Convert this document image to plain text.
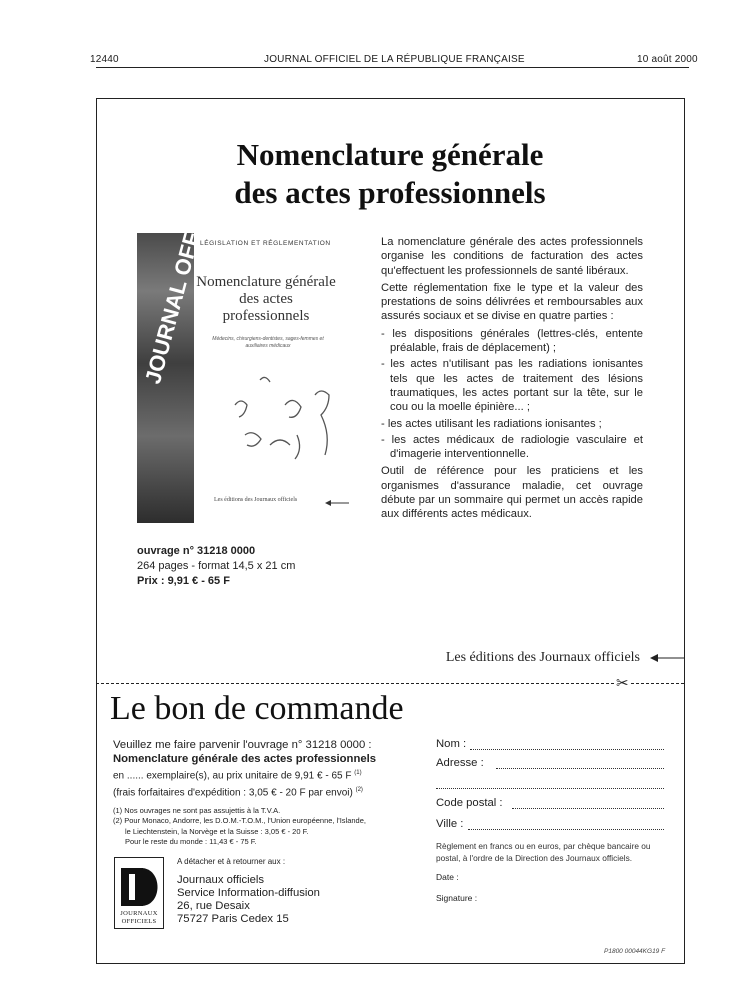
12440	JOURNAL OFFICIEL DE LA RÉPUBLIQUE FRANÇAISE	10 août 2000
Nomenclature générale
des actes professionnels
JOURNAL OFFICIEL
LÉGISLATION ET RÉGLEMENTATION
Nomenclature générale des actes professionnels
Médecins, chirurgiens-dentistes, sages-femmes et auxiliaires médicaux
Les éditions des Journaux officiels

La nomenclature générale des actes professionnels organise les conditions de facturation des actes qu'effectuent les professionnels de santé libéraux.

Cette réglementation fixe le type et la valeur des prestations de soins délivrées et remboursables aux assurés sociaux et se divise en quatre parties :

- les dispositions générales (lettres-clés, entente préalable, frais de déplacement) ;
- les actes n'utilisant pas les radiations ionisantes tels que les actes de traitement des lésions traumatiques, les actes portant sur la tête, sur le cou ou la moelle épinière... ;
- les actes utilisant les radiations ionisantes ;
- les actes médicaux de radiologie vasculaire et d'imagerie interventionnelle.

Outil de référence pour les praticiens et les organismes d'assurance maladie, cet ouvrage débute par un sommaire qui permet un accès rapide aux différents actes médicaux.

ouvrage n° 31218 0000
264 pages - format 14,5 x 21 cm
Prix : 9,91 € - 65 F
Les éditions des Journaux officiels
✂
Le bon de commande
Veuillez me faire parvenir l'ouvrage n° 31218 0000 :
Nomenclature générale des actes professionnels
en ...... exemplaire(s), au prix unitaire de 9,91 € - 65 F $^{(1)}$
(frais forfaitaires d'expédition : 3,05 € - 20 F par envoi) $^{(2)}$
(1) Nos ouvrages ne sont pas assujettis à la T.V.A.
(2) Pour Monaco, Andorre, les D.O.M.-T.O.M., l'Union européenne, l'Islande,
le Liechtenstein, la Norvège et la Suisse : 3,05 € - 20 F.
Pour le reste du monde : 11,43 € - 75 F.
Nom :
Adresse :
Code postal :
Ville :
Règlement en francs ou en euros, par chèque bancaire ou postal, à l'ordre de la Direction des Journaux officiels.
Date :
Signature :
JOURNAUX
OFFICIELS
A détacher et à retourner aux :
Journaux officiels
Service Information-diffusion
26, rue Desaix
75727 Paris Cedex 15
P1800 00044KG19 F
